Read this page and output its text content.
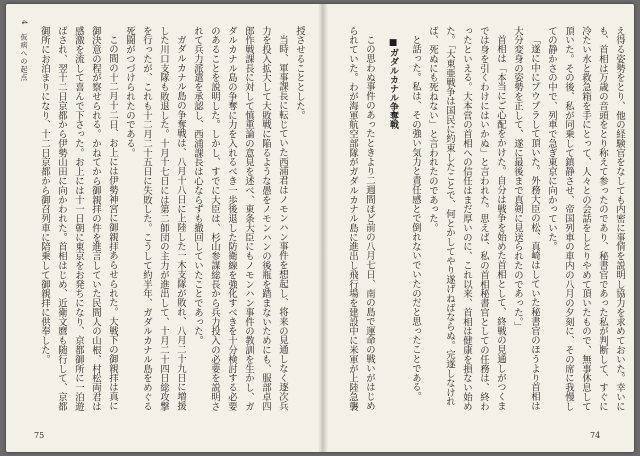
4　仮病への起点	授させることとした。
当時、軍事課長に転じていた西浦君はノモンハン事件を想起し、将来の見通しなく逐次兵力を投入拡大して大敗戦に陥るような愚をノモンハンの後瓶を踏まないためにも、服部卓四郎作戦課長に対して慎重論の意見を述べ、東条大臣にもノモンハン事件の教訓を生かし、ガダルカナル島の争奪に力を入れるべき一歩後退した防衛線を強化すべきを十分検討する必要のあることを説明した。しかし、すでに大臣は、杉山参謀総長から兵力投入の必要を説明されて兵力派遣を承認し、西浦課長は心ならずも撤回していたことであった。
ガダルカナル島の争奪戦は、八月十八日に上陸した一木支隊が敗れ、八月二十九日に増援した川口支隊も敗退した。十月十七日には第二師団の主力が進出して、十月二十四日総攻撃を行ったが、これも十二月二十五日に失敗した。こうして約半年、ガダルカナル島をめぐる死闘がつづけられたのである。
この間の十二月十二日、お上には伊勢神宮に御親拝あらせられた。大戦下の御親拝は真に御決意の程が察せられる。かねてから御親拝の件を進言していた民間人の山根、村松両君は感激を流して喜んで下さった。お上には十一日朝に東京をお発ちになり、京都御所に一泊遊ばされ、翌十二日京都から伊勢山田に向かわれた。首相はじめ、近衛文麿も随行して、京都御所にお泊まりになり、十二日京都から御召列車に陪乗して御親拝に供奉した。
75
え得る姿勢をとり、他の経験官をなしても内密に事情を説明し協力を求めておいた。幸いにも、首相は万歳の音頭をとり称えて参ったのであり、秘書官であった私が判断して、すぐに冷たい水と救急箱を手にとって、人々との会話をしとりやめて頂いたもので、無事休息して頂いた。その後、私が同乗して鎮静させ、帝国列車の車内の八月の夕刻に、その席に我慢しての静かさの中で、列車で急ぎ東京に向かっていた。
「遂に中にプウプラして頂いた。外務大臣の松、真崎はしていた秘書官のほうより首相は大分変身の姿勢を正して、遂に最後まで真剣に見送られたのであった。」
首相は「本当にご心配をかけた。自分は戦争を始めた首相として、終戦の見通しがつくまでは身を引くわけにはいかぬ」と言われた。思えば、私の首相秘書官としての任務は、終わったといえる。大本営の首相への信任はまだ厚いのに、これ以来、首相は健康を損ない始めた。「大東亜戦争は国民に約束したことで、何とかしてやり遂げねばならぬ。完遂しなければ、死ぬにも死ねない」と言われたのであった。
と話った。私は、その強い気力と責任感とで倒れないでいたのだと思ったことである。
■ ガダルカナル争奪戦
この思わぬ事件のあったときより二週間ほど前の八月七日、南の島で運命の戦いがはじめられていた。わが海軍航空部隊がガダルカナル島に進出し飛行場を建設中に米軍が上陸急襲
74
